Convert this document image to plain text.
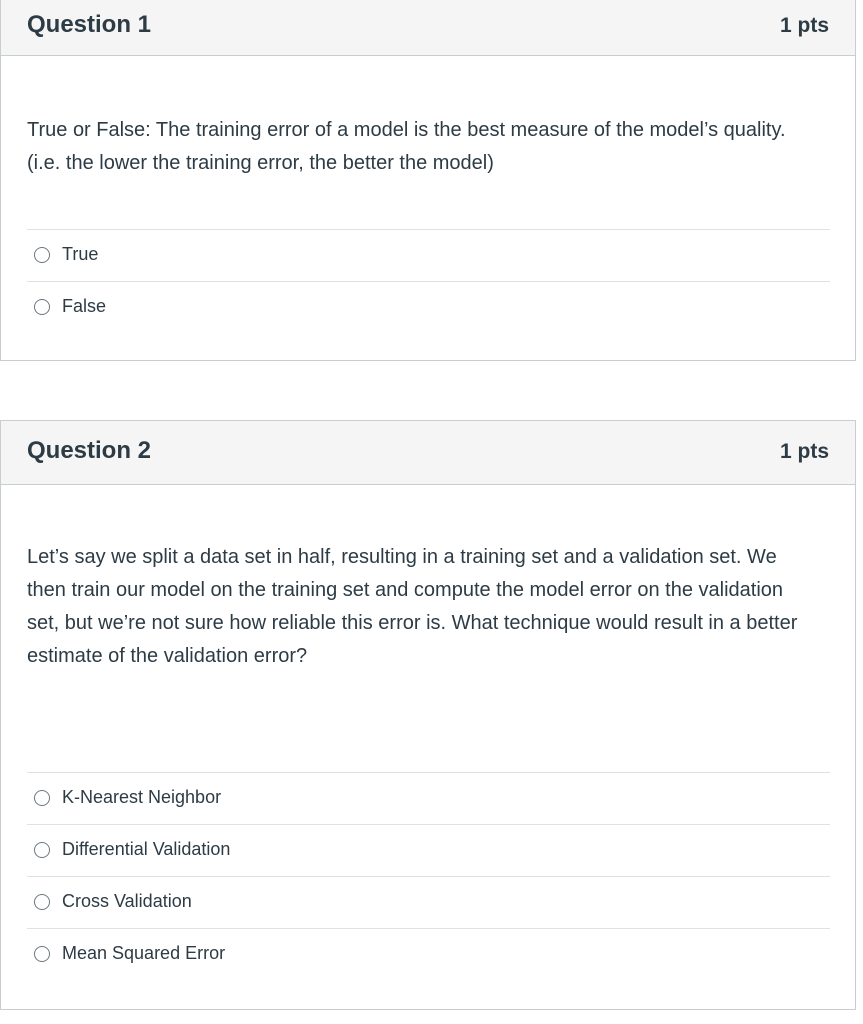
Question 1	1 pts
True or False: The training error of a model is the best measure of the model’s quality. (i.e. the lower the training error, the better the model)
True
False
Question 2	1 pts
Let’s say we split a data set in half, resulting in a training set and a validation set. We then train our model on the training set and compute the model error on the validation set, but we’re not sure how reliable this error is. What technique would result in a better estimate of the validation error?
K-Nearest Neighbor
Differential Validation
Cross Validation
Mean Squared Error
